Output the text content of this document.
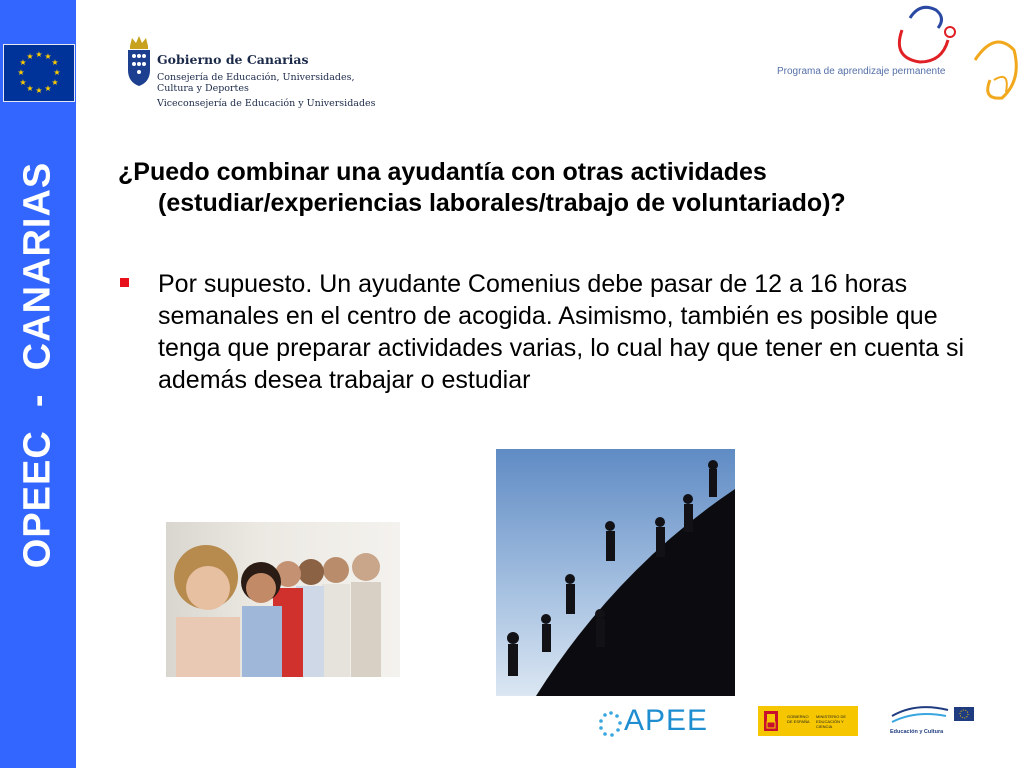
★ ★
★
★
★
★
★
★
★
★
★
★
OPEEC  -  CANARIAS
Gobierno de Canarias
Consejería de Educación, Universidades, Cultura y Deportes
Viceconsejería de Educación y Universidades
Programa de aprendizaje permanente
¿Puedo combinar una ayudantía con otras actividades
(estudiar/experiencias laborales/trabajo de voluntariado)?
Por supuesto. Un ayudante Comenius debe pasar de 12 a 16 horas semanales en el centro de acogida. Asimismo, también es posible que tenga que preparar actividades varias, lo cual hay que tener en cuenta si además desea trabajar o estudiar
APEE	GOBIERNO DE ESPAÑA
MINISTERIO DE EDUCACIÓN Y CIENCIA
Educación y Cultura
